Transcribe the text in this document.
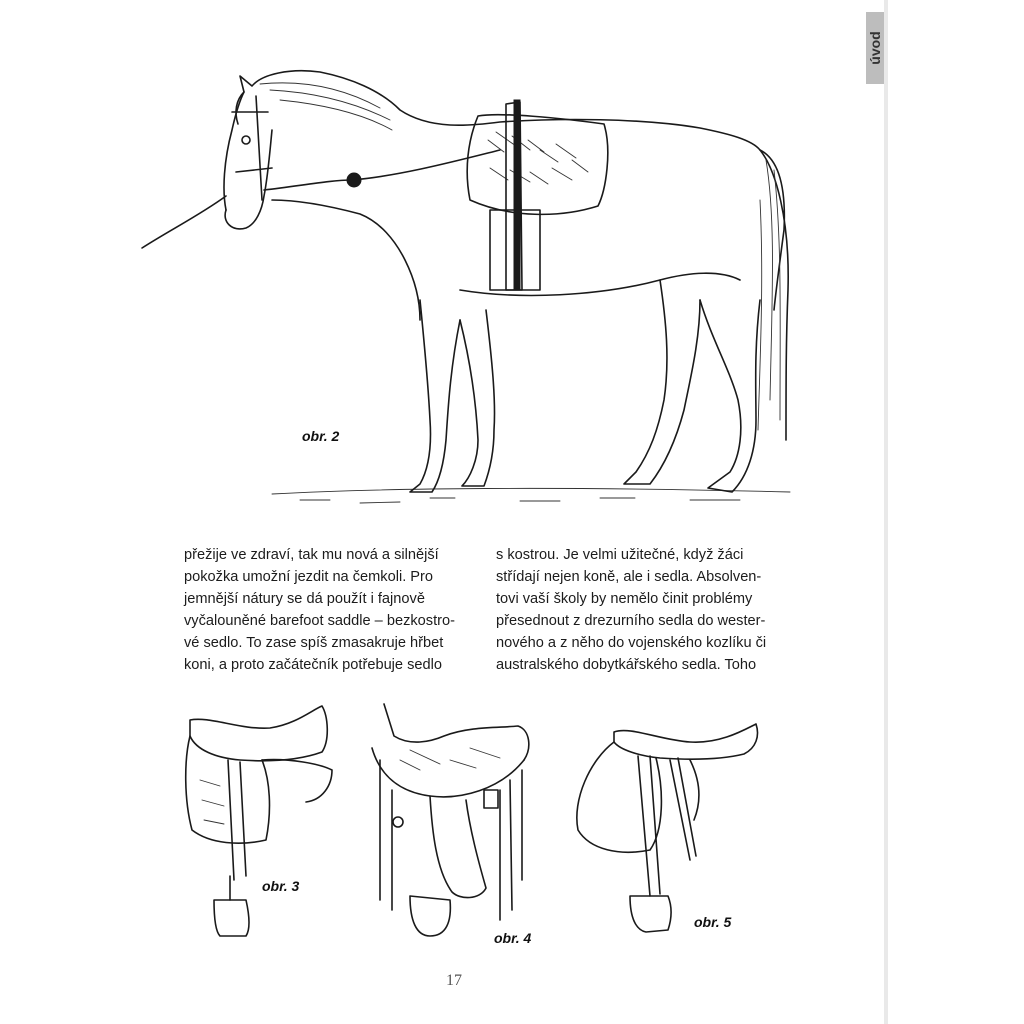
úvod
obr. 2
přežije ve zdraví, tak mu nová a silnější
pokožka umožní jezdit na čemkoli. Pro
jemnější nátury se dá použít i fajnově
vyčalouněné barefoot saddle – bezkostro-
vé sedlo. To zase spíš zmasakruje hřbet
koni, a proto začátečník potřebuje sedlo
s kostrou. Je velmi užitečné, když žáci
střídají nejen koně, ale i sedla. Absolven-
tovi vaší školy by nemělo činit problémy
přesednout z drezurního sedla do wester-
nového a z něho do vojenského kozlíku či
australského dobytkářského sedla. Toho
obr. 3
obr. 4
obr. 5
17
